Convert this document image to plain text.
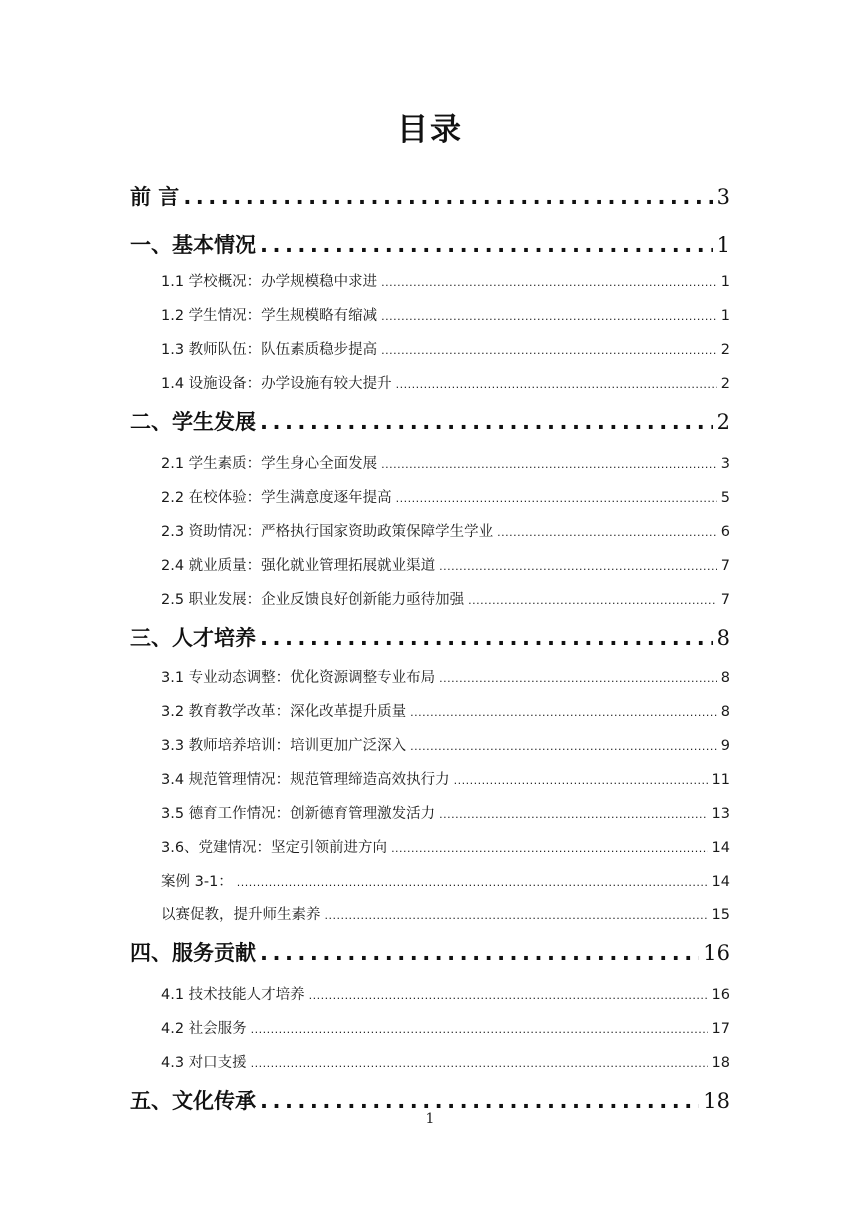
目录
前 言 .....	3
一、基本情况 .....	1
1.1 学校概况：办学规模稳中求进 .....	1
1.2 学生情况：学生规模略有缩减 .....	1
1.3 教师队伍：队伍素质稳步提高 .....	2
1.4 设施设备：办学设施有较大提升 .....	2
二、学生发展 .....	2
2.1 学生素质：学生身心全面发展 .....	3
2.2 在校体验：学生满意度逐年提高 .....	5
2.3 资助情况：严格执行国家资助政策保障学生学业 .....	6
2.4 就业质量：强化就业管理拓展就业渠道 .....	7
2.5 职业发展：企业反馈良好创新能力亟待加强 .....	7
三、人才培养 .....	8
3.1 专业动态调整：优化资源调整专业布局 .....	8
3.2 教育教学改革：深化改革提升质量 .....	8
3.3 教师培养培训：培训更加广泛深入 .....	9
3.4 规范管理情况：规范管理缔造高效执行力 .....	11
3.5 德育工作情况：创新德育管理激发活力 .....	13
3.6、党建情况：坚定引领前进方向 .....	14
案例 3-1： .....	14
以赛促教，提升师生素养 .....	15
四、服务贡献 .....	16
4.1 技术技能人才培养 .....	16
4.2 社会服务 .....	17
4.3 对口支援 .....	18
五、文化传承 .....	18
1
